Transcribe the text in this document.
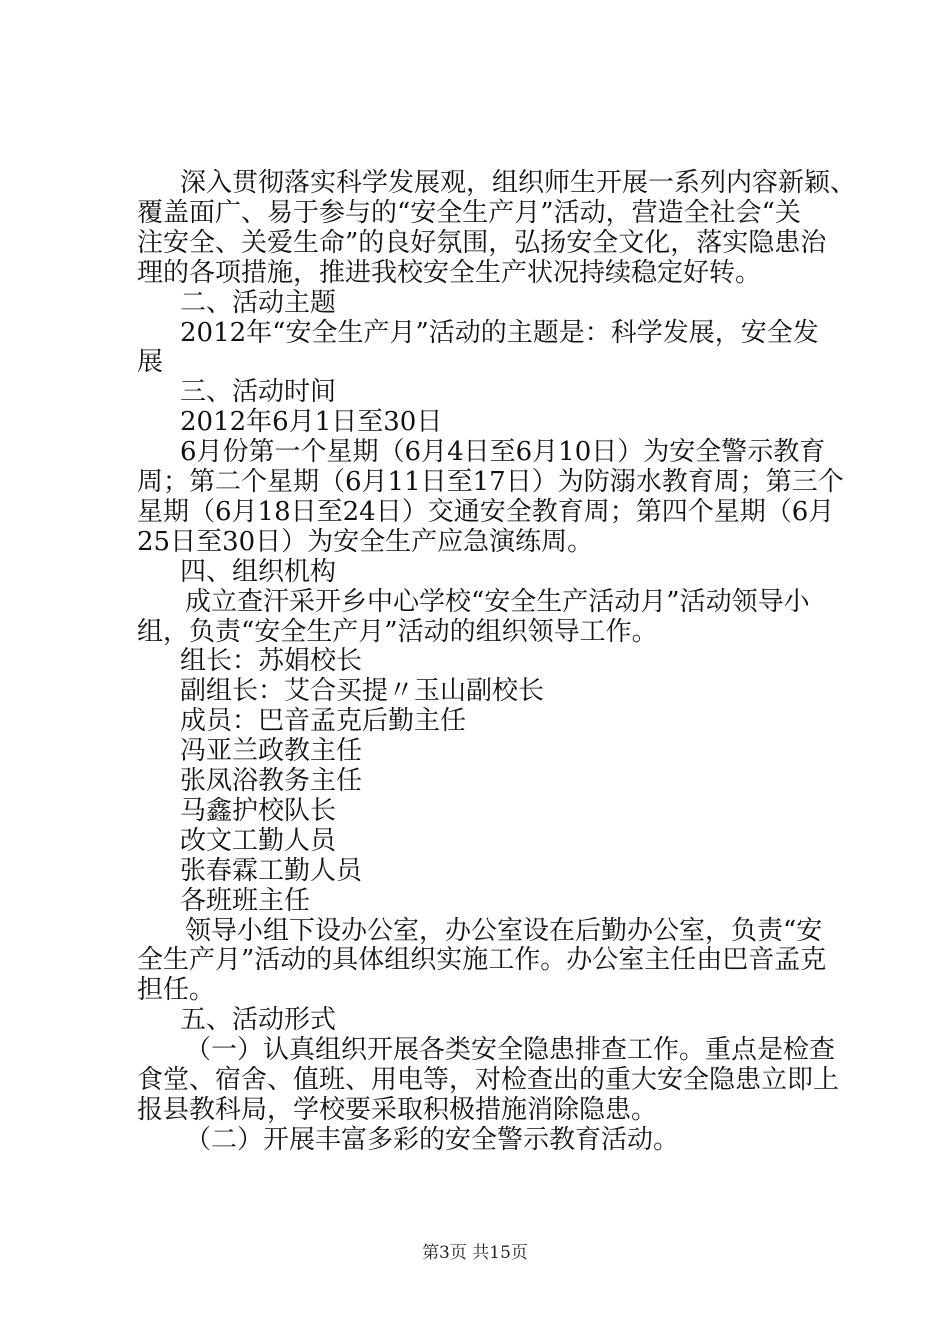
深入贯彻落实科学发展观，组织师生开展一系列内容新颖、
覆盖面广、易于参与的“安全生产月”活动，营造全社会“关
注安全、关爱生命”的良好氛围，弘扬安全文化，落实隐患治
理的各项措施，推进我校安全生产状况持续稳定好转。
二、活动主题
2012年“安全生产月”活动的主题是：科学发展，安全发
展
三、活动时间
2012年6月1日至30日
6月份第一个星期（6月4日至6月10日）为安全警示教育
周；第二个星期（6月11日至17日）为防溺水教育周；第三个
星期（6月18日至24日）交通安全教育周；第四个星期（6月
25日至30日）为安全生产应急演练周。
四、组织机构
成立查汗采开乡中心学校“安全生产活动月”活动领导小
组，负责“安全生产月”活动的组织领导工作。
组长：苏娟校长
副组长：艾合买提〃玉山副校长
成员：巴音孟克后勤主任
冯亚兰政教主任
张凤浴教务主任
马鑫护校队长
改文工勤人员
张春霖工勤人员
各班班主任
领导小组下设办公室，办公室设在后勤办公室，负责“安
全生产月”活动的具体组织实施工作。办公室主任由巴音孟克
担任。
五、活动形式
（一）认真组织开展各类安全隐患排查工作。重点是检查
食堂、宿舍、值班、用电等，对检查出的重大安全隐患立即上
报县教科局，学校要采取积极措施消除隐患。
（二）开展丰富多彩的安全警示教育活动。
第3页 共15页
